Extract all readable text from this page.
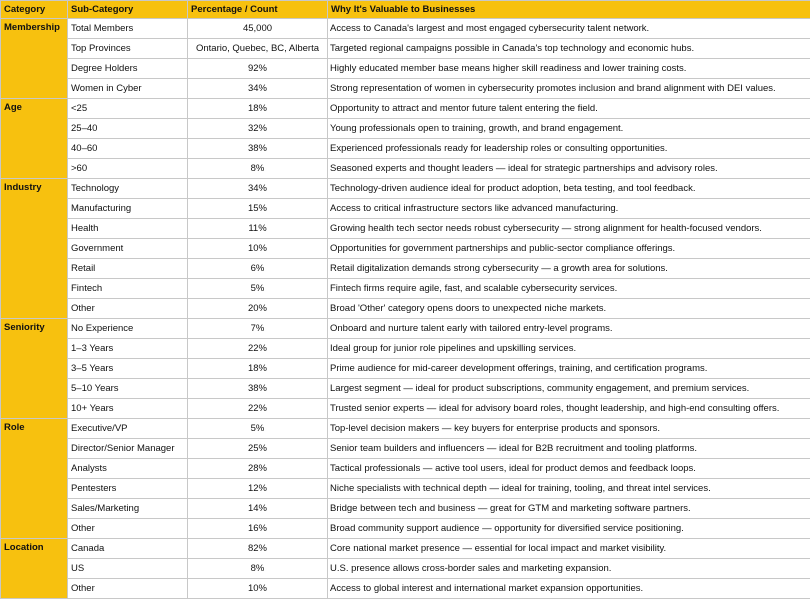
Category	Sub-Category	Percentage / Count	Why It's Valuable to Businesses
Membership	Total Members	45,000	Access to Canada's largest and most engaged cybersecurity talent network.
	Top Provinces	Ontario, Quebec, BC, Alberta	Targeted regional campaigns possible in Canada's top technology and economic hubs.
	Degree Holders	92%	Highly educated member base means higher skill readiness and lower training costs.
	Women in Cyber	34%	Strong representation of women in cybersecurity promotes inclusion and brand alignment with DEI values.
Age	<25	18%	Opportunity to attract and mentor future talent entering the field.
	25–40	32%	Young professionals open to training, growth, and brand engagement.
	40–60	38%	Experienced professionals ready for leadership roles or consulting opportunities.
	>60	8%	Seasoned experts and thought leaders — ideal for strategic partnerships and advisory roles.
Industry	Technology	34%	Technology-driven audience ideal for product adoption, beta testing, and tool feedback.
	Manufacturing	15%	Access to critical infrastructure sectors like advanced manufacturing.
	Health	11%	Growing health tech sector needs robust cybersecurity — strong alignment for health-focused vendors.
	Government	10%	Opportunities for government partnerships and public-sector compliance offerings.
	Retail	6%	Retail digitalization demands strong cybersecurity — a growth area for solutions.
	Fintech	5%	Fintech firms require agile, fast, and scalable cybersecurity services.
	Other	20%	Broad 'Other' category opens doors to unexpected niche markets.
Seniority	No Experience	7%	Onboard and nurture talent early with tailored entry-level programs.
	1–3 Years	22%	Ideal group for junior role pipelines and upskilling services.
	3–5 Years	18%	Prime audience for mid-career development offerings, training, and certification programs.
	5–10 Years	38%	Largest segment — ideal for product subscriptions, community engagement, and premium services.
	10+ Years	22%	Trusted senior experts — ideal for advisory board roles, thought leadership, and high-end consulting offers.
Role	Executive/VP	5%	Top-level decision makers — key buyers for enterprise products and sponsors.
	Director/Senior Manager	25%	Senior team builders and influencers — ideal for B2B recruitment and tooling platforms.
	Analysts	28%	Tactical professionals — active tool users, ideal for product demos and feedback loops.
	Pentesters	12%	Niche specialists with technical depth — ideal for training, tooling, and threat intel services.
	Sales/Marketing	14%	Bridge between tech and business — great for GTM and marketing software partners.
	Other	16%	Broad community support audience — opportunity for diversified service positioning.
Location	Canada	82%	Core national market presence — essential for local impact and market visibility.
	US	8%	U.S. presence allows cross-border sales and marketing expansion.
	Other	10%	Access to global interest and international market expansion opportunities.
